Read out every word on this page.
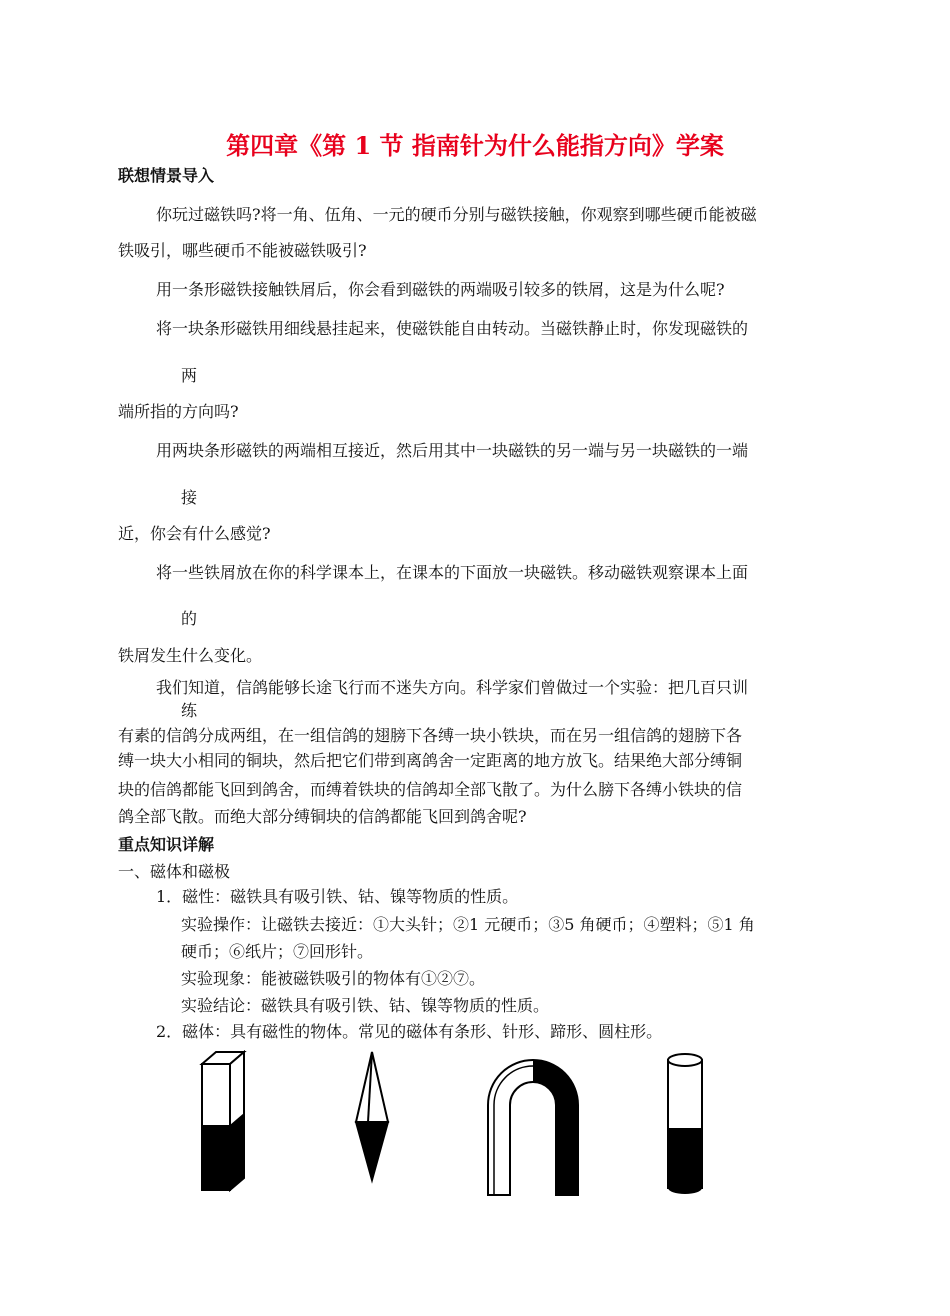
第四章《第 1 节 指南针为什么能指方向》学案
联想情景导入
你玩过磁铁吗?将一角、伍角、一元的硬币分别与磁铁接触，你观察到哪些硬币能被磁
铁吸引，哪些硬币不能被磁铁吸引?
用一条形磁铁接触铁屑后，你会看到磁铁的两端吸引较多的铁屑，这是为什么呢?
将一块条形磁铁用细线悬挂起来，使磁铁能自由转动。当磁铁静止时，你发现磁铁的
两
端所指的方向吗?
用两块条形磁铁的两端相互接近，然后用其中一块磁铁的另一端与另一块磁铁的一端
接
近，你会有什么感觉?
将一些铁屑放在你的科学课本上，在课本的下面放一块磁铁。移动磁铁观察课本上面
的
铁屑发生什么变化。
我们知道，信鸽能够长途飞行而不迷失方向。科学家们曾做过一个实验：把几百只训
练
有素的信鸽分成两组，在一组信鸽的翅膀下各缚一块小铁块，而在另一组信鸽的翅膀下各
缚一块大小相同的铜块，然后把它们带到离鸽舍一定距离的地方放飞。结果绝大部分缚铜
块的信鸽都能飞回到鸽舍，而缚着铁块的信鸽却全部飞散了。为什么膀下各缚小铁块的信
鸽全部飞散。而绝大部分缚铜块的信鸽都能飞回到鸽舍呢?
重点知识详解
一、磁体和磁极
1．磁性：磁铁具有吸引铁、钴、镍等物质的性质。
实验操作：让磁铁去接近：①大头针；②1 元硬币；③5 角硬币；④塑料；⑤1 角
硬币；⑥纸片；⑦回形针。
实验现象：能被磁铁吸引的物体有①②⑦。
实验结论：磁铁具有吸引铁、钴、镍等物质的性质。
2．磁体：具有磁性的物体。常见的磁体有条形、针形、蹄形、圆柱形。
